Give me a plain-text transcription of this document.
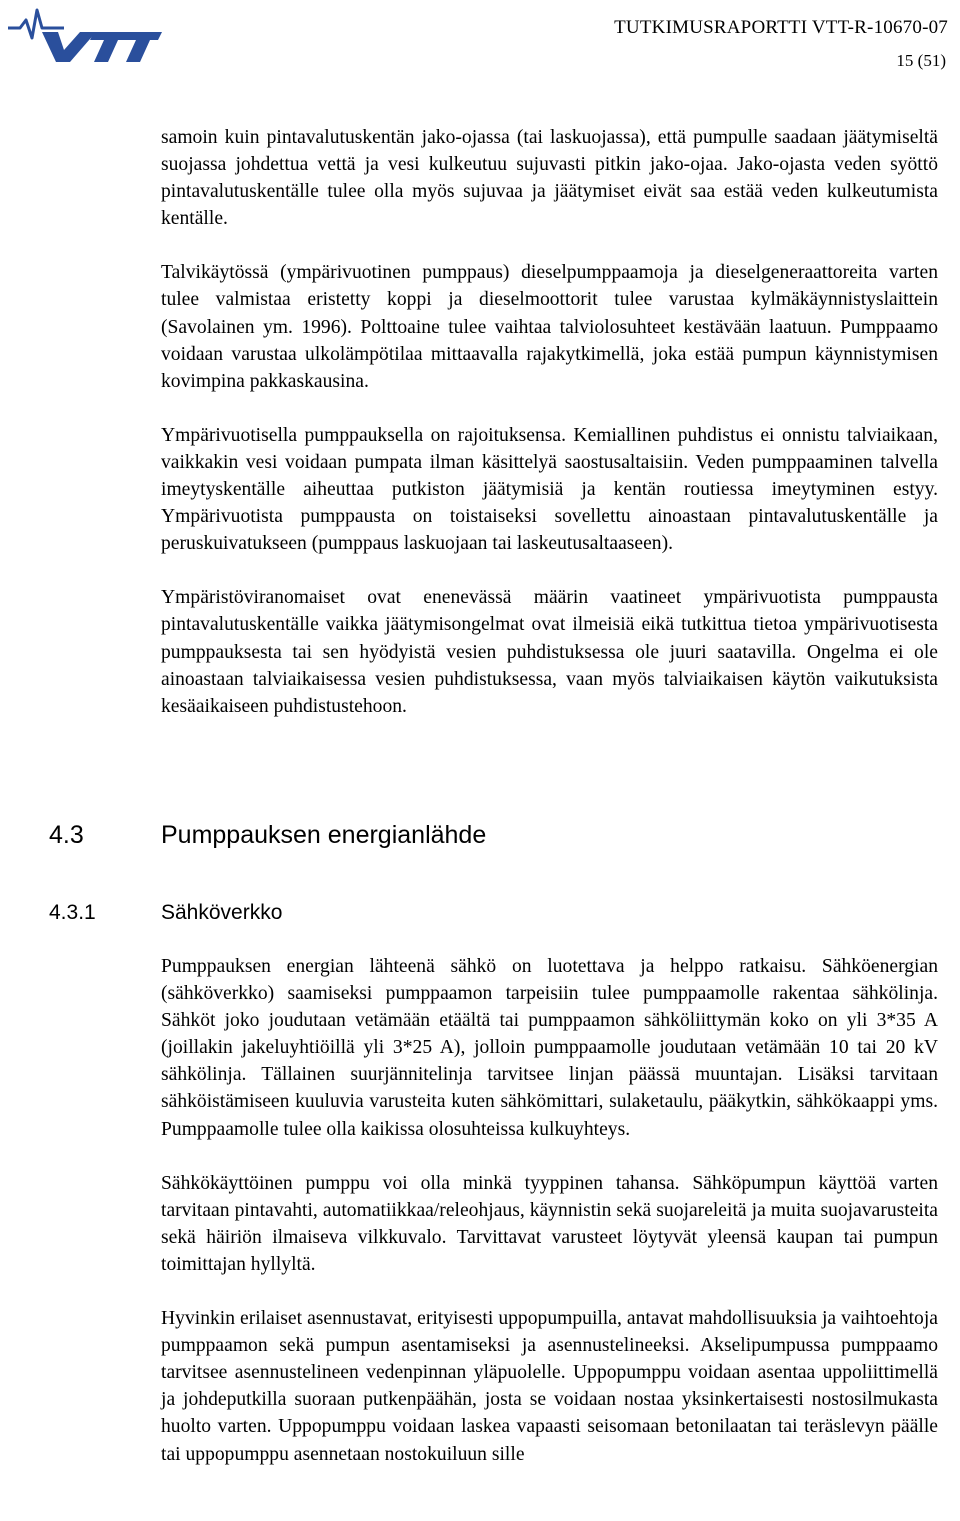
TUTKIMUSRAPORTTI VTT-R-10670-07
15 (51)

samoin kuin pintavalutuskentän jako-ojassa (tai laskuojassa), että pumpulle saadaan jäätymiseltä suojassa johdettua vettä ja vesi kulkeutuu sujuvasti pitkin jako-ojaa. Jako-ojasta veden syöttö pintavalutuskentälle tulee olla myös sujuvaa ja jäätymiset eivät saa estää veden kulkeutumista kentälle.

Talvikäytössä (ympärivuotinen pumppaus) dieselpumppaamoja ja dieselgeneraattoreita varten tulee valmistaa eristetty koppi ja dieselmoottorit tulee varustaa kylmäkäynnistyslaittein (Savolainen ym. 1996). Polttoaine tulee vaihtaa talviolosuhteet kestävään laatuun. Pumppaamo voidaan varustaa ulkolämpötilaa mittaavalla rajakytkimellä, joka estää pumpun käynnistymisen kovimpina pakkaskausina.

Ympärivuotisella pumppauksella on rajoituksensa. Kemiallinen puhdistus ei onnistu talviaikaan, vaikkakin vesi voidaan pumpata ilman käsittelyä saostusaltaisiin. Veden pumppaaminen talvella imeytyskentälle aiheuttaa putkiston jäätymisiä ja kentän routiessa imeytyminen estyy. Ympärivuotista pumppausta on toistaiseksi sovellettu ainoastaan pintavalutuskentälle ja peruskuivatukseen (pumppaus laskuojaan tai laskeutusaltaaseen).

Ympäristöviranomaiset ovat enenevässä määrin vaatineet ympärivuotista pumppausta pintavalutuskentälle vaikka jäätymisongelmat ovat ilmeisiä eikä tutkittua tietoa ympärivuotisesta pumppauksesta tai sen hyödyistä vesien puhdistuksessa ole juuri saatavilla. Ongelma ei ole ainoastaan talviaikaisessa vesien puhdistuksessa, vaan myös talviaikaisen käytön vaikutuksista kesäaikaiseen puhdistustehoon.

4.3	Pumppauksen energianlähde
4.3.1	Sähköverkko

Pumppauksen energian lähteenä sähkö on luotettava ja helppo ratkaisu. Sähköenergian (sähköverkko) saamiseksi pumppaamon tarpeisiin tulee pumppaamolle rakentaa sähkölinja. Sähköt joko joudutaan vetämään etäältä tai pumppaamon sähköliittymän koko on yli 3*35 A (joillakin jakeluyhtiöillä yli 3*25 A), jolloin pumppaamolle joudutaan vetämään 10 tai 20 kV sähkölinja. Tällainen suurjännitelinja tarvitsee linjan päässä muuntajan. Lisäksi tarvitaan sähköistämiseen kuuluvia varusteita kuten sähkömittari, sulaketaulu, pääkytkin, sähkökaappi yms. Pumppaamolle tulee olla kaikissa olosuhteissa kulkuyhteys.

Sähkökäyttöinen pumppu voi olla minkä tyyppinen tahansa. Sähköpumpun käyttöä varten tarvitaan pintavahti, automatiikkaa/releohjaus, käynnistin sekä suojareleitä ja muita suojavarusteita sekä häiriön ilmaiseva vilkkuvalo. Tarvittavat varusteet löytyvät yleensä kaupan tai pumpun toimittajan hyllyltä.

Hyvinkin erilaiset asennustavat, erityisesti uppopumpuilla, antavat mahdollisuuksia ja vaihtoehtoja pumppaamon sekä pumpun asentamiseksi ja asennustelineeksi. Akselipumpussa pumppaamo tarvitsee asennustelineen vedenpinnan yläpuolelle. Uppopumppu voidaan asentaa uppoliittimellä ja johdeputkilla suoraan putkenpäähän, josta se voidaan nostaa yksinkertaisesti nostosilmukasta huolto varten. Uppopumppu voidaan laskea vapaasti seisomaan betonilaatan tai teräslevyn päälle tai uppopumppu asennetaan nostokuiluun sille
